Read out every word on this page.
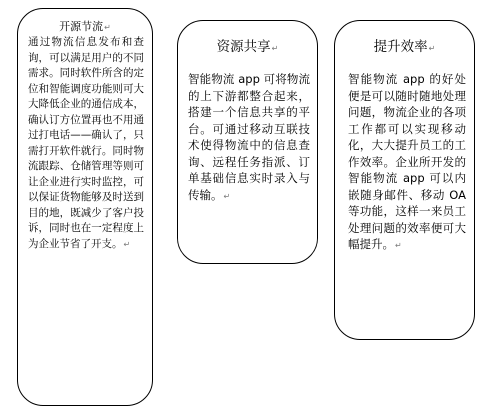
开源节流↵
通过物流信息发布和查询，可以满足用户的不同需求。同时软件所含的定位和智能调度功能则可大大降低企业的通信成本，确认订方位置再也不用通过打电话——确认了，只需打开软件就行。同时物流跟踪、仓储管理等则可让企业进行实时监控，可以保证货物能够及时送到目的地，既减少了客户投诉，同时也在一定程度上为企业节省了开支。↵
资源共享↵
智能物流 app 可将物流的上下游都整合起来，搭建一个信息共享的平台。可通过移动互联技术使得物流中的信息查询、远程任务指派、订单基础信息实时录入与传输。↵
提升效率↵
智能物流 app 的好处便是可以随时随地处理问题，物流企业的各项工作都可以实现移动化，大大提升员工的工作效率。企业所开发的智能物流 app 可以内嵌随身邮件、移动 OA 等功能，这样一来员工处理问题的效率便可大幅提升。↵
